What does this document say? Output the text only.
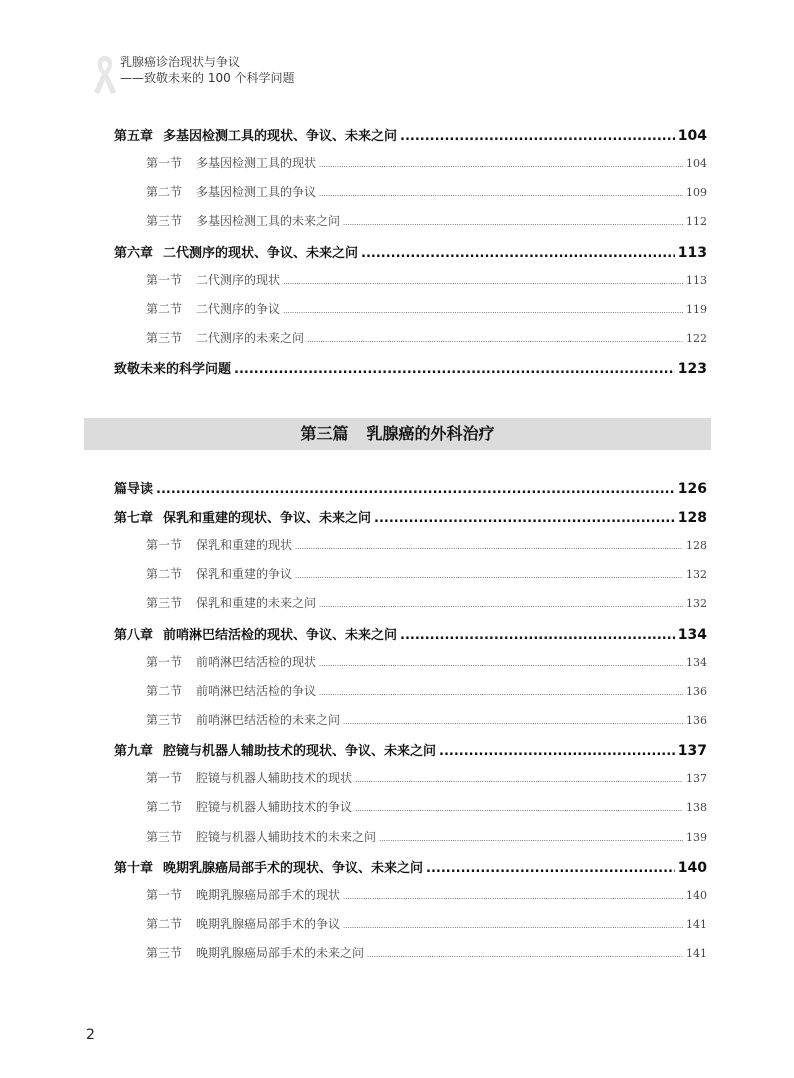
乳腺癌诊治现状与争议
——致敬未来的 100 个科学问题
第五章 多基因检测工具的现状、争议、未来之问 .....	104
第一节 多基因检测工具的现状 .....	104
第二节 多基因检测工具的争议 .....	109
第三节 多基因检测工具的未来之问 .....	112
第六章 二代测序的现状、争议、未来之问 .....	113
第一节 二代测序的现状 .....	113
第二节 二代测序的争议 .....	119
第三节 二代测序的未来之问 .....	122
致敬未来的科学问题 .....	123
第三篇 乳腺癌的外科治疗
篇导读 .....	126
第七章 保乳和重建的现状、争议、未来之问 .....	128
第一节 保乳和重建的现状 .....	128
第二节 保乳和重建的争议 .....	132
第三节 保乳和重建的未来之问 .....	132
第八章 前哨淋巴结活检的现状、争议、未来之问 .....	134
第一节 前哨淋巴结活检的现状 .....	134
第二节 前哨淋巴结活检的争议 .....	136
第三节 前哨淋巴结活检的未来之问 .....	136
第九章 腔镜与机器人辅助技术的现状、争议、未来之问 .....	137
第一节 腔镜与机器人辅助技术的现状 .....	137
第二节 腔镜与机器人辅助技术的争议 .....	138
第三节 腔镜与机器人辅助技术的未来之问 .....	139
第十章 晚期乳腺癌局部手术的现状、争议、未来之问 .....	140
第一节 晚期乳腺癌局部手术的现状 .....	140
第二节 晚期乳腺癌局部手术的争议 .....	141
第三节 晚期乳腺癌局部手术的未来之问 .....	141
2
